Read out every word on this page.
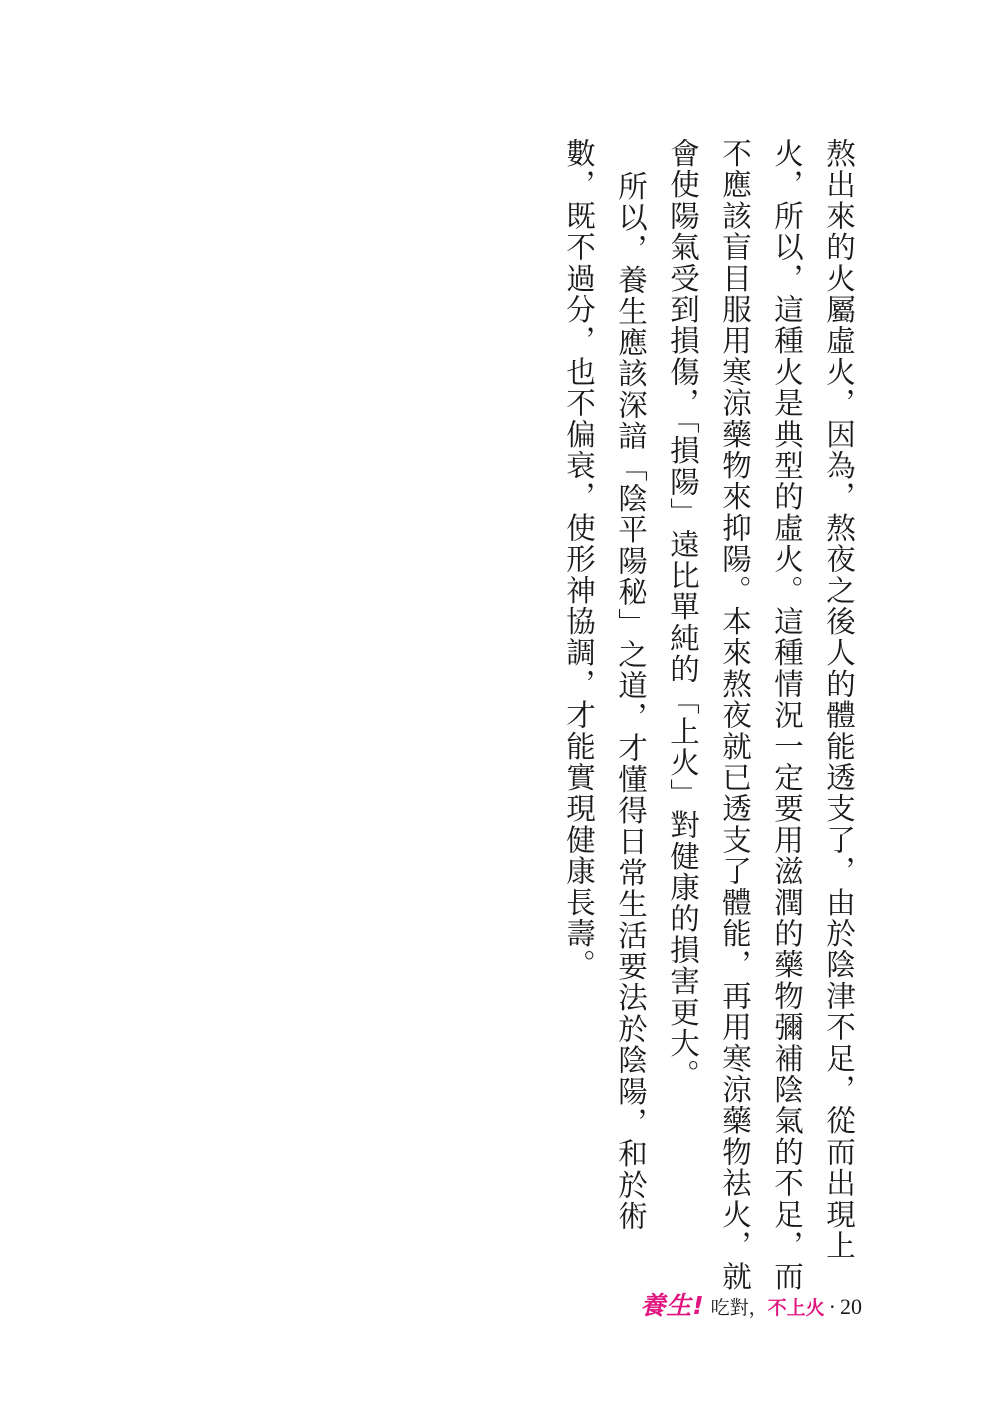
熬出來的火屬虛火，因為，熬夜之後人的體能透支了，由於陰津不足，從而出現上
火，所以，這種火是典型的虛火。這種情況一定要用滋潤的藥物彌補陰氣的不足，而
不應該盲目服用寒涼藥物來抑陽。本來熬夜就已透支了體能，再用寒涼藥物祛火，就
會使陽氣受到損傷，「損陽」遠比單純的「上火」對健康的損害更大。
所以，養生應該深諳「陰平陽秘」之道，才懂得日常生活要法於陰陽，和於術
數，既不過分，也不偏衰，使形神協調，才能實現健康長壽。
養生! 吃對， 不上火 · 20
